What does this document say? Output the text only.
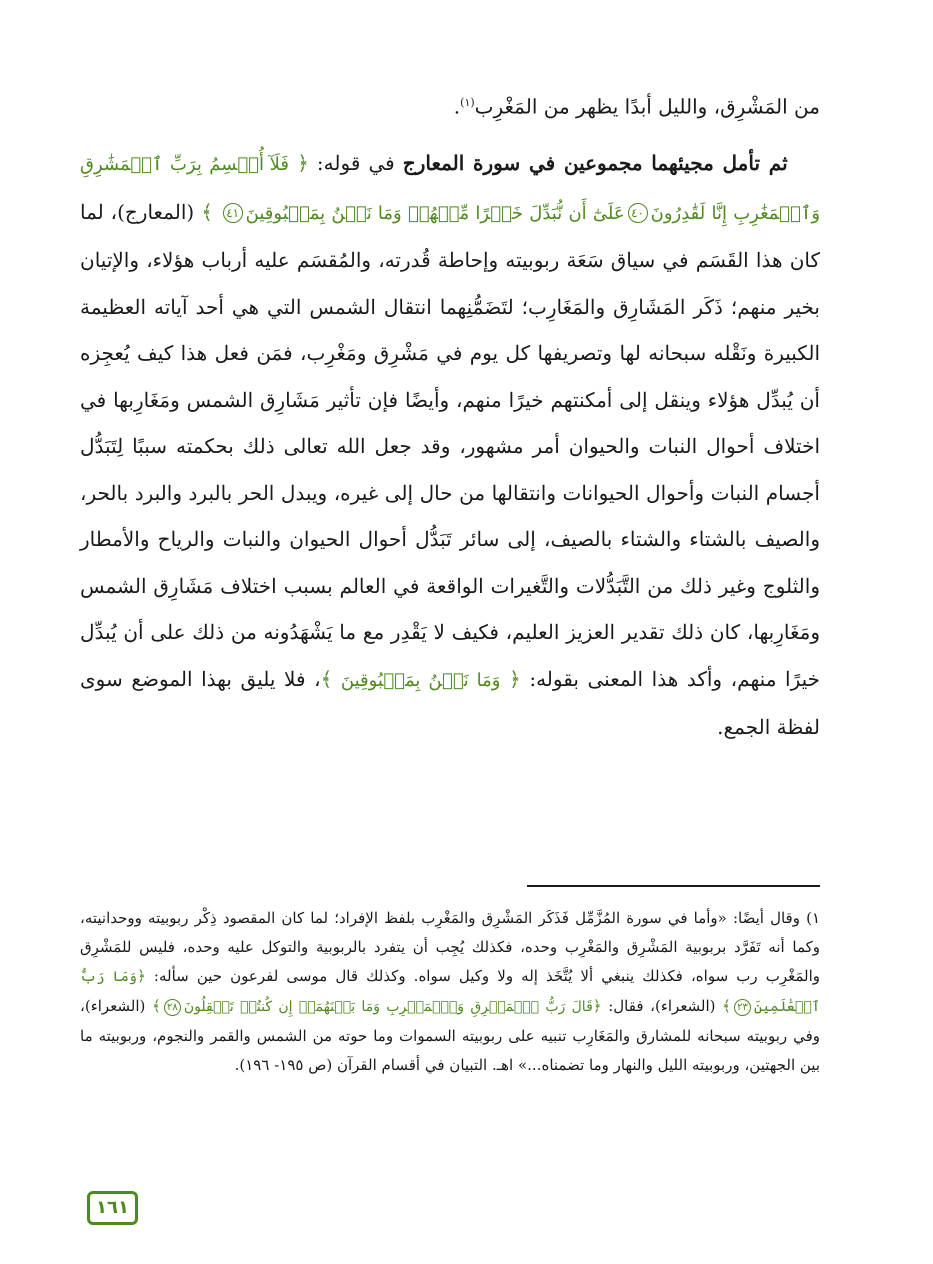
من المَشْرِق، والليل أبدًا يظهر من المَغْرِب$^{(١)}$.

ثم تأمل مجيئهما مجموعين في سورة المعارج في قوله: ﴿ فَلَآ أُقۡسِمُ بِرَبِّ ٱلۡمَشَٰرِقِ وَٱلۡمَغَٰرِبِ إِنَّا لَقَٰدِرُونَ٤٠عَلَىٰٓ أَن نُّبَدِّلَ خَيۡرًا مِّنۡهُمۡ وَمَا نَحۡنُ بِمَسۡبُوقِينَ٤١ ﴾ (المعارج)، لما كان هذا القَسَم في سياق سَعَة ربوبيته وإحاطة قُدرته، والمُقسَم عليه أرباب هؤلاء، والإتيان بخير منهم؛ ذَكَر المَشَارِق والمَغَارِب؛ لتَضَمُّنِهما انتقال الشمس التي هي أحد آياته العظيمة الكبيرة ونَقْله سبحانه لها وتصريفها كل يوم في مَشْرِق ومَغْرِب، فمَن فعل هذا كيف يُعجِزه أن يُبدِّل هؤلاء وينقل إلى أمكنتهم خيرًا منهم، وأيضًا فإن تأثير مَشَارِق الشمس ومَغَارِبها في اختلاف أحوال النبات والحيوان أمر مشهور، وقد جعل الله تعالى ذلك بحكمته سببًا لِتَبَدُّل أجسام النبات وأحوال الحيوانات وانتقالها من حال إلى غيره، ويبدل الحر بالبرد والبرد بالحر، والصيف بالشتاء والشتاء بالصيف، إلى سائر تَبَدُّل أحوال الحيوان والنبات والرياح والأمطار والثلوج وغير ذلك من التَّبَدُّلات والتَّغيرات الواقعة في العالم بسبب اختلاف مَشَارِق الشمس ومَغَارِبها، كان ذلك تقدير العزيز العليم، فكيف لا يَقْدِر مع ما يَشْهَدُونه من ذلك على أن يُبدِّل خيرًا منهم، وأكد هذا المعنى بقوله: ﴿ وَمَا نَحۡنُ بِمَسۡبُوقِينَ ﴾، فلا يليق بهذا الموضع سوى لفظة الجمع.

١) وقال أيضًا: «وأما في سورة المُزَّمِّل فَذَكَر المَشْرِق والمَغْرِب بلفظ الإفراد؛ لما كان المقصود ذِكْر ربوبيته ووحدانيته، وكما أنه تَفَرَّد بربوبية المَشْرِق والمَغْرِب وحده، فكذلك يُجِب أن يتفرد بالربوبية والتوكل عليه وحده، فليس للمَشْرِق والمَغْرِب رب سواه، فكذلك ينبغي ألا يُتَّخَذ إله ولا وكيل سواه. وكذلك قال موسى لفرعون حين سأله: ﴿وَمَا رَبُّ ٱلۡعَٰلَمِينَ٢٣﴾ (الشعراء)، فقال: ﴿قَالَ رَبُّ ٱلۡمَشۡرِقِ وَٱلۡمَغۡرِبِ وَمَا بَيۡنَهُمَآۖ إِن كُنتُمۡ تَعۡقِلُونَ٢٨﴾ (الشعراء)، وفي ربوبيته سبحانه للمشارق والمَغَارِب تنبيه على ربوبيته السموات وما حوته من الشمس والقمر والنجوم، وربوبيته ما بين الجهتين، وربوبيته الليل والنهار وما تضمناه...» اهـ. التبيان في أقسام القرآن (ص ١٩٥- ١٩٦).

١٦١
